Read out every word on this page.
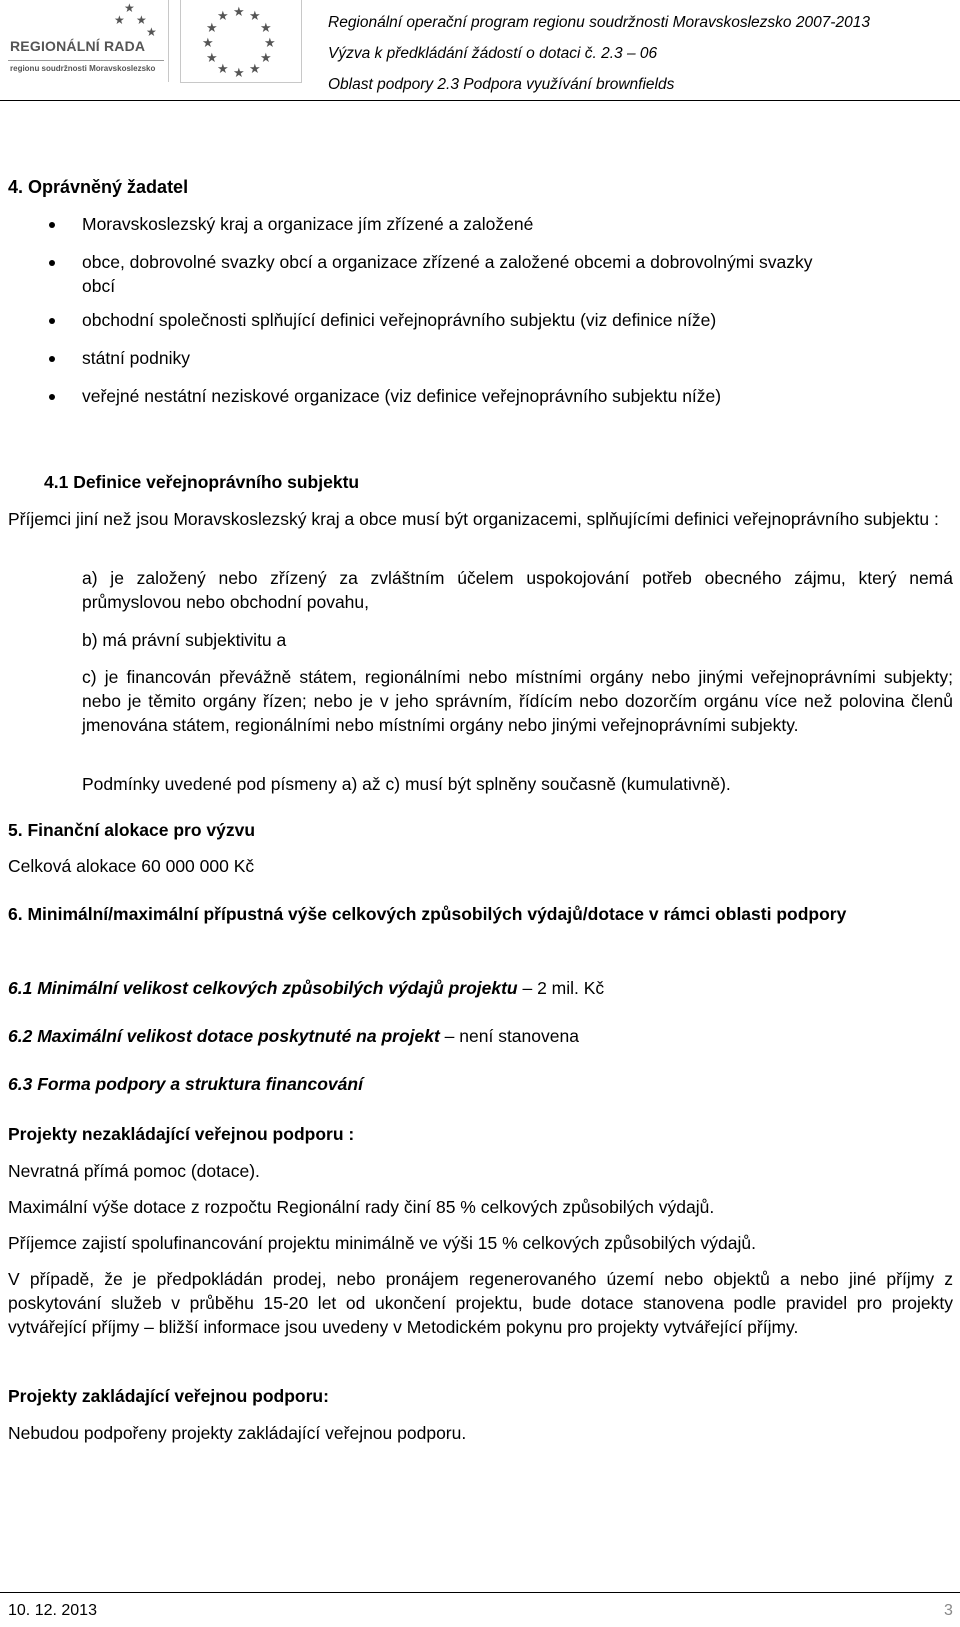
★
★ ★
★
REGIONÁLNÍ RADA
regionu soudržnosti Moravskoslezsko
★ ★
★
★
★
★
★
★
★
★
★
★	Regionální operační program regionu soudržnosti Moravskoslezsko 2007-2013
Výzva k předkládání žádostí o dotaci č. 2.3 – 06
Oblast podpory 2.3 Podpora využívání brownfields
4. Oprávněný žadatel
Moravskoslezský kraj a organizace jím zřízené a založené
obce, dobrovolné svazky obcí a organizace zřízené a založené obcemi a dobrovolnými svazky
obcí
obchodní společnosti splňující definici veřejnoprávního subjektu (viz definice níže)
státní podniky
veřejné nestátní neziskové organizace (viz definice veřejnoprávního subjektu níže)
4.1 Definice veřejnoprávního subjektu
Příjemci jiní než jsou Moravskoslezský kraj a obce musí být organizacemi, splňujícími definici veřejnoprávního subjektu :
a) je založený nebo zřízený za zvláštním účelem uspokojování potřeb obecného zájmu, který nemá průmyslovou nebo obchodní povahu,
b) má právní subjektivitu a
c) je financován převážně státem, regionálními nebo místními orgány nebo jinými veřejnoprávními subjekty; nebo je těmito orgány řízen; nebo je v jeho správním, řídícím nebo dozorčím orgánu více než polovina členů jmenována státem, regionálními nebo místními orgány nebo jinými veřejnoprávními subjekty.
Podmínky uvedené pod písmeny a) až c) musí být splněny současně (kumulativně).
5. Finanční alokace pro výzvu
Celková alokace 60 000 000 Kč
6. Minimální/maximální přípustná výše celkových způsobilých výdajů/dotace v rámci oblasti podpory
6.1 Minimální velikost celkových způsobilých výdajů projektu – 2 mil. Kč
6.2 Maximální velikost dotace poskytnuté na projekt – není stanovena
6.3 Forma podpory a struktura financování
Projekty nezakládající veřejnou podporu :
Nevratná přímá pomoc (dotace).
Maximální výše dotace z rozpočtu Regionální rady činí 85 % celkových způsobilých výdajů.
Příjemce zajistí spolufinancování projektu minimálně ve výši 15 % celkových způsobilých výdajů.
V případě, že je předpokládán prodej, nebo pronájem regenerovaného území nebo objektů a nebo jiné příjmy z poskytování služeb v průběhu 15-20 let od ukončení projektu, bude dotace stanovena podle pravidel pro projekty vytvářející příjmy – bližší informace jsou uvedeny v Metodickém pokynu pro projekty vytvářející příjmy.
Projekty zakládající veřejnou podporu:
Nebudou podpořeny projekty zakládající veřejnou podporu.
10. 12. 2013	3
